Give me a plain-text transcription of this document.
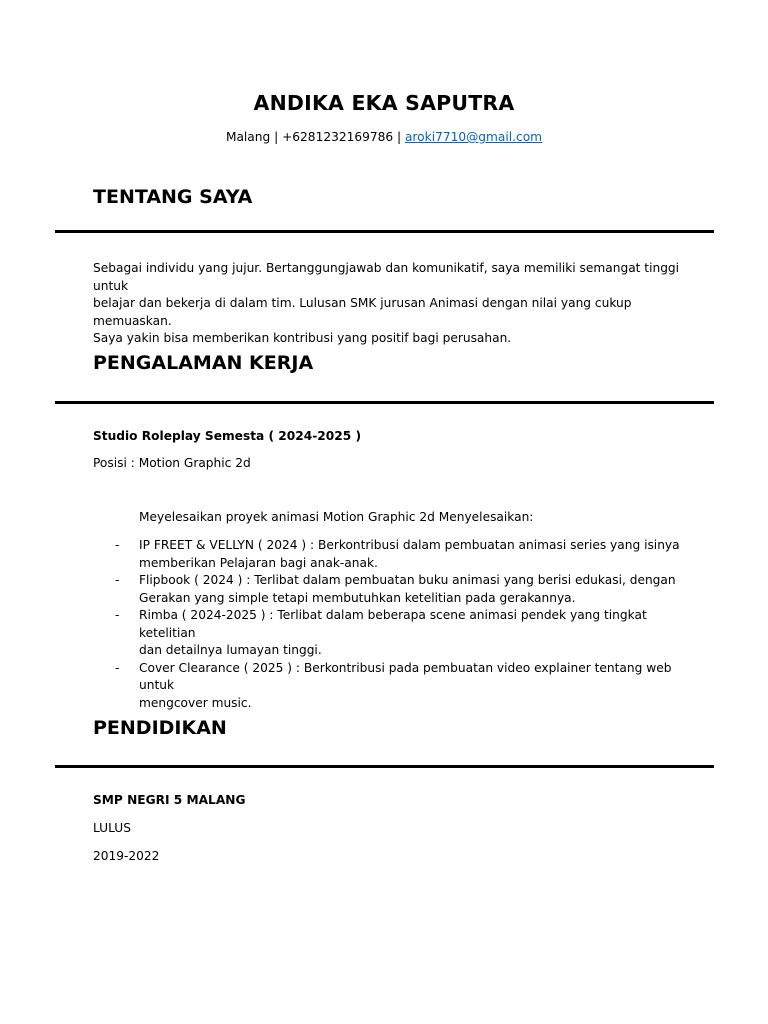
ANDIKA EKA SAPUTRA
Malang | +6281232169786 | aroki7710@gmail.com
TENTANG SAYA
Sebagai individu yang jujur. Bertanggungjawab dan komunikatif, saya memiliki semangat tinggi untuk
belajar dan bekerja di dalam tim. Lulusan SMK jurusan Animasi dengan nilai yang cukup memuaskan.
Saya yakin bisa memberikan kontribusi yang positif bagi perusahan.
PENGALAMAN KERJA
Studio Roleplay Semesta ( 2024-2025 )
Posisi : Motion Graphic 2d
Meyelesaikan proyek animasi Motion Graphic 2d Menyelesaikan:
- IP FREET & VELLYN ( 2024 ) : Berkontribusi dalam pembuatan animasi series yang isinya
memberikan Pelajaran bagi anak-anak.
- Flipbook ( 2024 ) : Terlibat dalam pembuatan buku animasi yang berisi edukasi, dengan
Gerakan yang simple tetapi membutuhkan ketelitian pada gerakannya.
- Rimba ( 2024-2025 ) : Terlibat dalam beberapa scene animasi pendek yang tingkat ketelitian
dan detailnya lumayan tinggi.
- Cover Clearance ( 2025 ) : Berkontribusi pada pembuatan video explainer tentang web untuk
mengcover music.
PENDIDIKAN
SMP NEGRI 5 MALANG
LULUS
2019-2022
